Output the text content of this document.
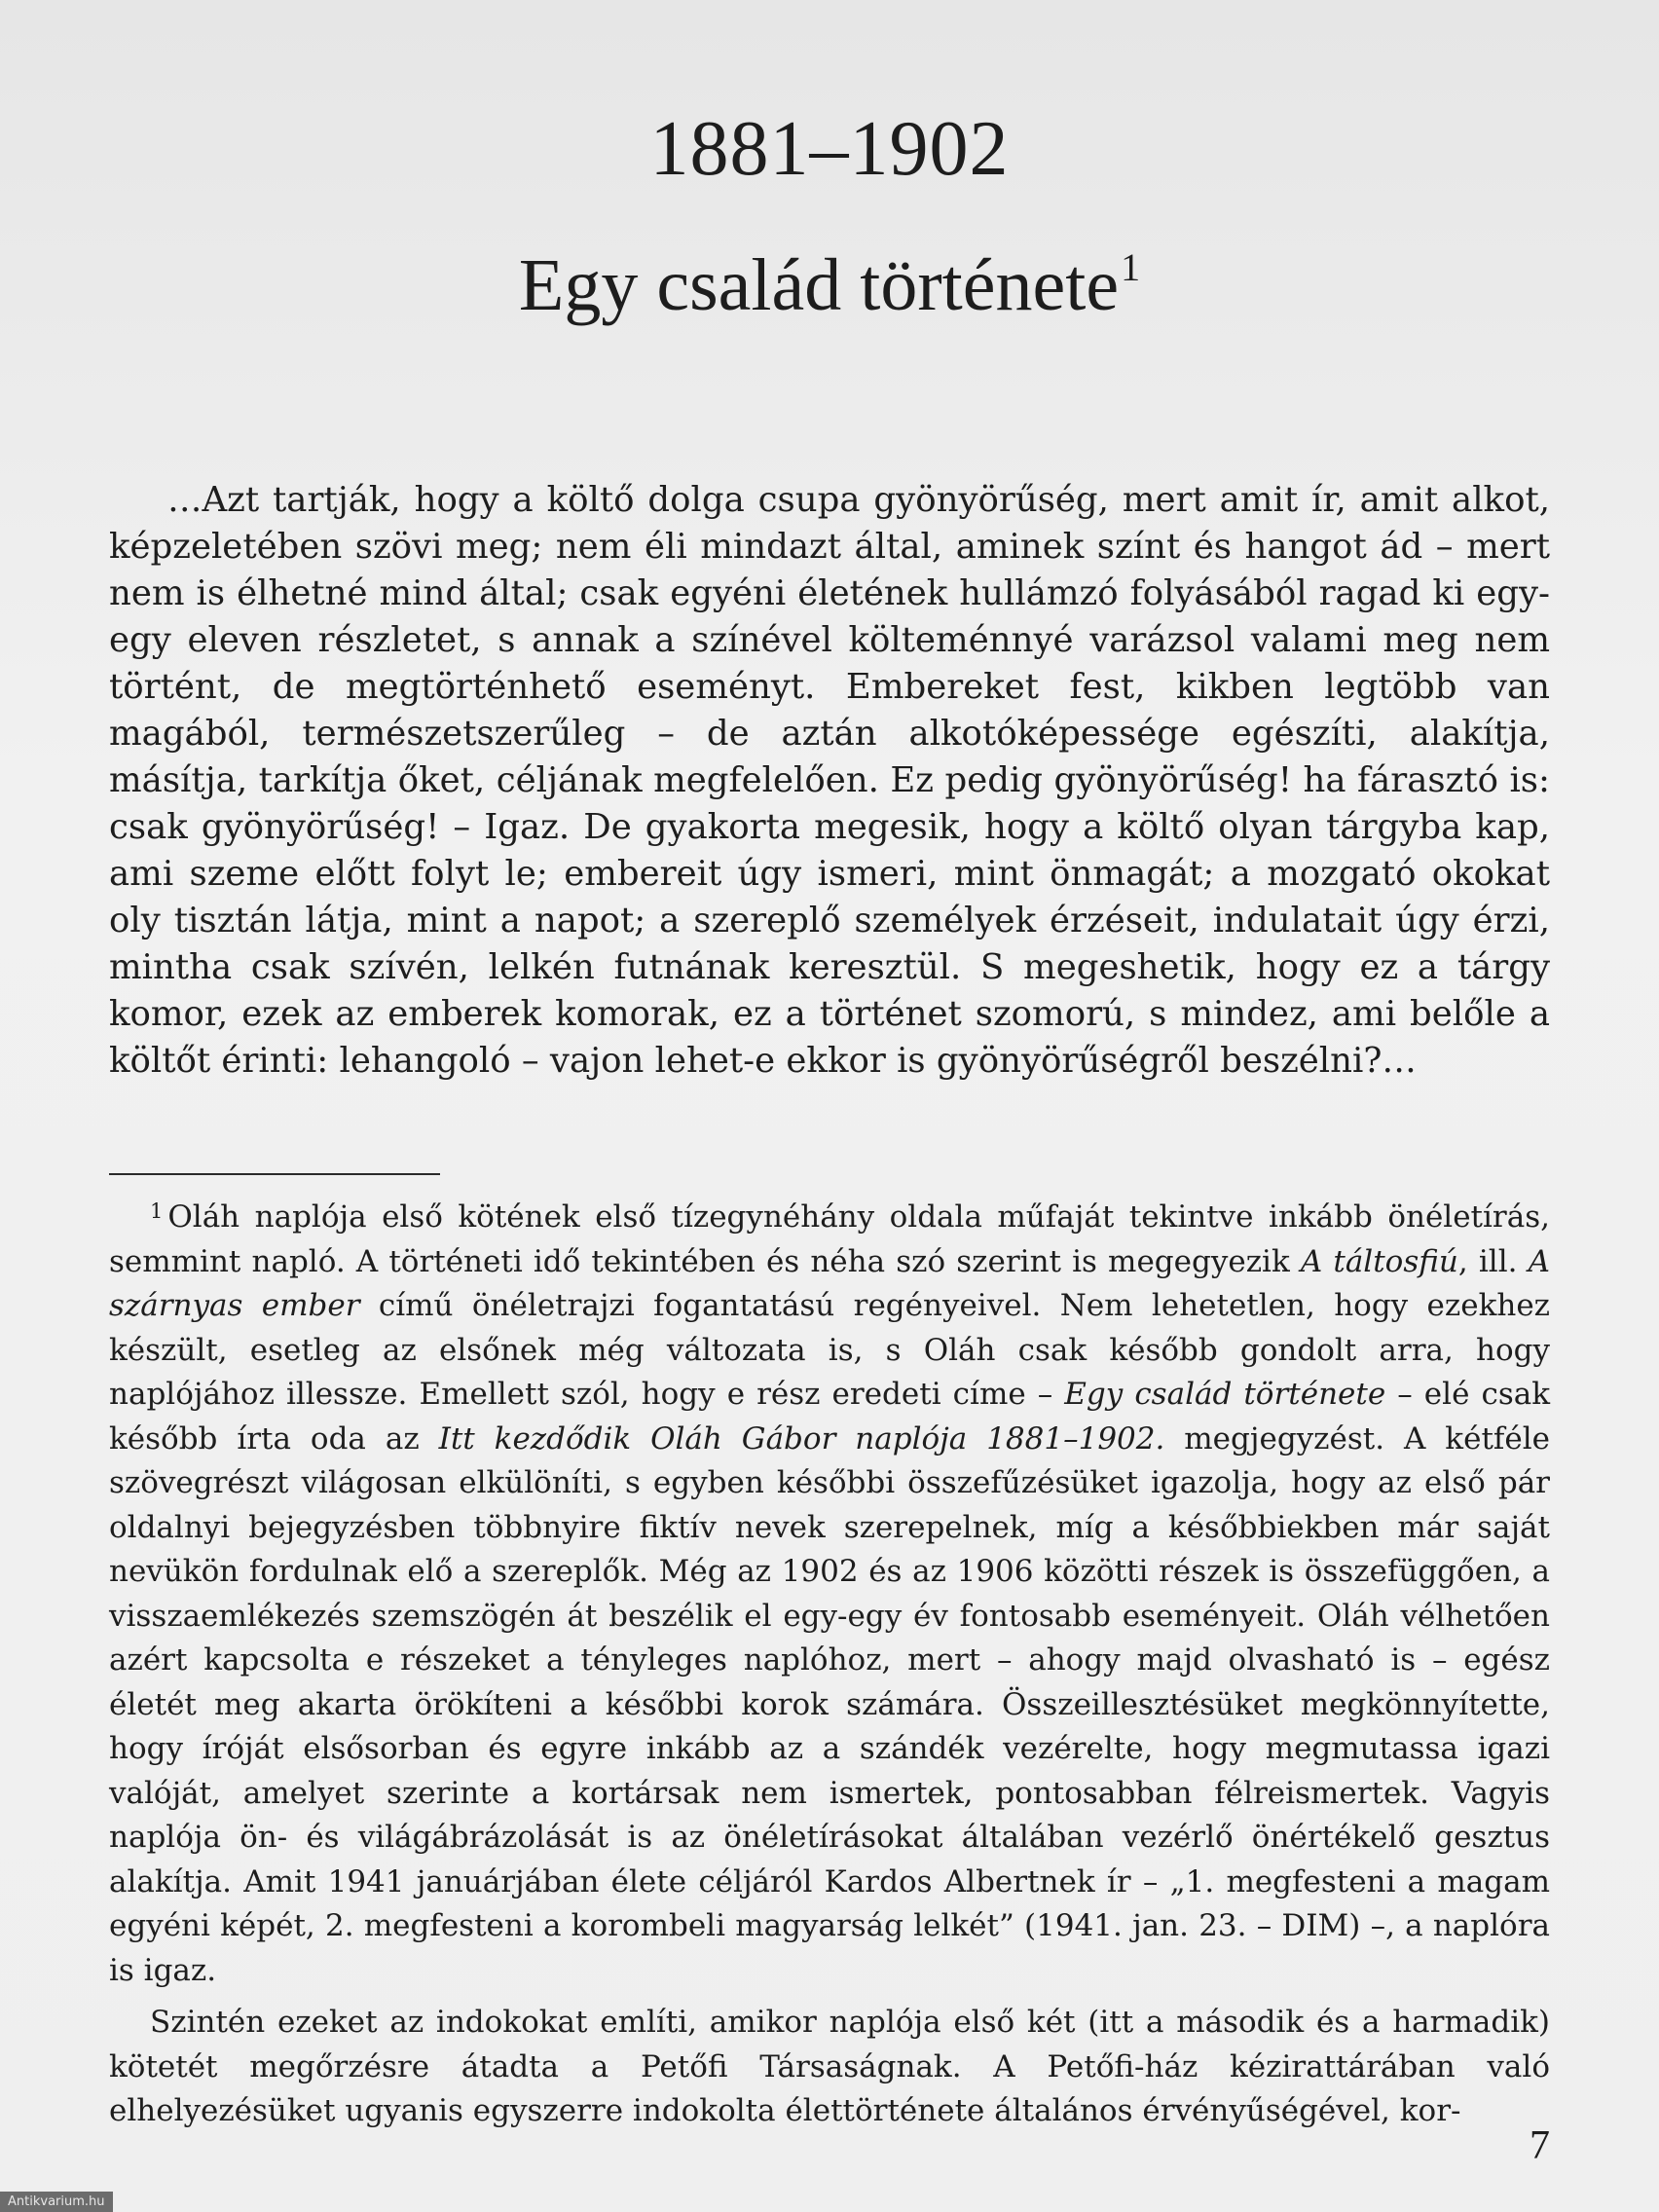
1881–1902
Egy család története$^1$

…Azt tartják, hogy a költő dolga csupa gyönyörűség, mert amit ír, amit alkot, képzeletében szövi meg; nem éli mindazt által, aminek színt és hangot ád – mert nem is élhetné mind által; csak egyéni életének hullámzó folyásából ragad ki egy-egy eleven részletet, s annak a színével költeménnyé varázsol valami meg nem történt, de megtörténhető eseményt. Embereket fest, kikben legtöbb van magából, természetszerűleg – de aztán alkotóképessége egészíti, alakítja, másítja, tarkítja őket, céljának megfelelően. Ez pedig gyönyörűség! ha fárasztó is: csak gyönyörűség! – Igaz. De gyakorta megesik, hogy a költő olyan tárgyba kap, ami szeme előtt folyt le; embereit úgy ismeri, mint önmagát; a mozgató okokat oly tisztán látja, mint a napot; a szereplő személyek érzéseit, indulatait úgy érzi, mintha csak szívén, lelkén futnának keresztül. S megeshetik, hogy ez a tárgy komor, ezek az emberek komorak, ez a történet szomorú, s mindez, ami belőle a költőt érinti: lehangoló – vajon lehet-e ekkor is gyönyörűségről beszélni?…

$^1$ Oláh naplója első kötének első tízegynéhány oldala műfaját tekintve inkább önéletírás, semmint napló. A történeti idő tekintében és néha szó szerint is megegyezik A táltosfiú, ill. A szárnyas ember című önéletrajzi fogantatású regényeivel. Nem lehetetlen, hogy ezekhez készült, esetleg az elsőnek még változata is, s Oláh csak később gondolt arra, hogy naplójához illessze. Emellett szól, hogy e rész eredeti címe – Egy család története – elé csak később írta oda az Itt kezdődik Oláh Gábor naplója 1881–1902. megjegyzést. A kétféle szövegrészt világosan elkülöníti, s egyben későbbi összefűzésüket igazolja, hogy az első pár oldalnyi bejegyzésben többnyire fiktív nevek szerepelnek, míg a későbbiekben már saját nevükön fordulnak elő a szereplők. Még az 1902 és az 1906 közötti részek is összefüggően, a visszaemlékezés szemszögén át beszélik el egy-egy év fontosabb eseményeit. Oláh vélhetően azért kapcsolta e részeket a tényleges naplóhoz, mert – ahogy majd olvasható is – egész életét meg akarta örökíteni a későbbi korok számára. Összeillesztésüket megkönnyítette, hogy íróját elsősorban és egyre inkább az a szándék vezérelte, hogy megmutassa igazi valóját, amelyet szerinte a kortársak nem ismertek, pontosabban félreismertek. Vagyis naplója ön- és világábrázolását is az önéletírásokat általában vezérlő önértékelő gesztus alakítja. Amit 1941 januárjában élete céljáról Kardos Albertnek ír – „1. megfesteni a magam egyéni képét, 2. megfesteni a korombeli magyarság lelkét” (1941. jan. 23. – DIM) –, a naplóra is igaz.

Szintén ezeket az indokokat említi, amikor naplója első két (itt a második és a harmadik) kötetét megőrzésre átadta a Petőfi Társaságnak. A Petőfi-ház kézirattárában való elhelyezésüket ugyanis egyszerre indokolta élettörténete általános érvényűségével, kor-

7
Antikvarium.hu
